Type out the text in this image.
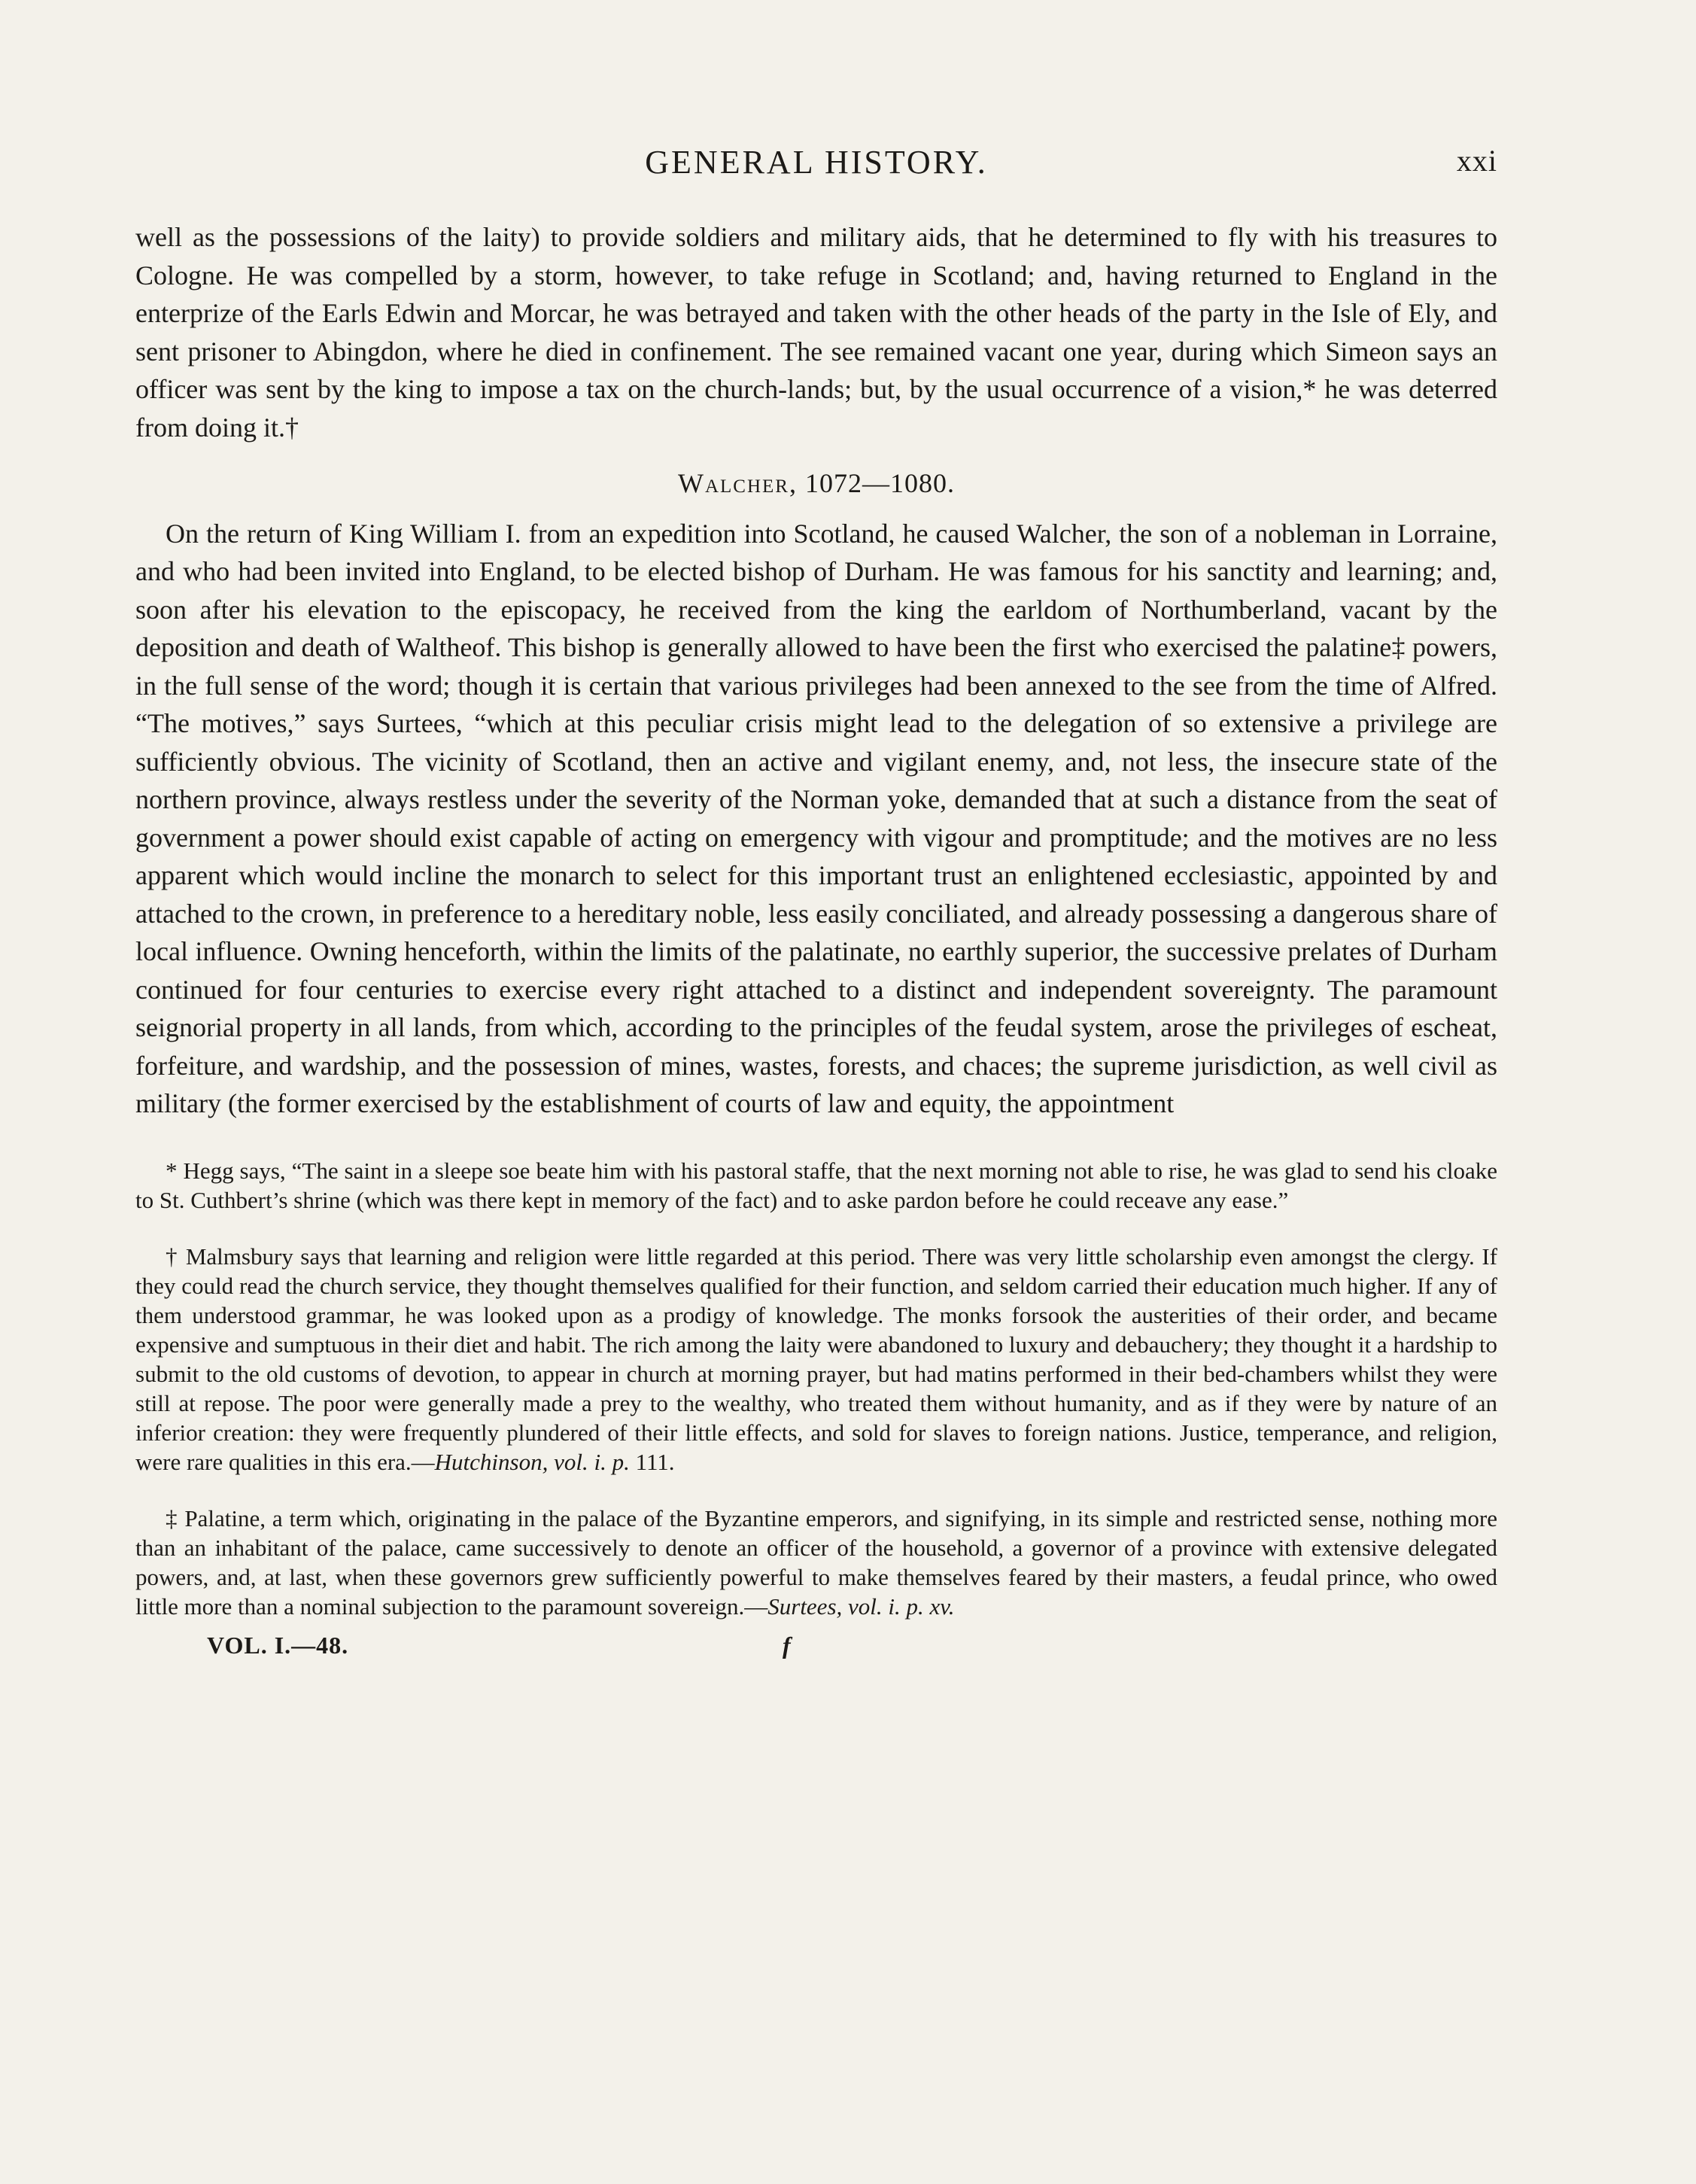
GENERAL HISTORY.	xxi

well as the possessions of the laity) to provide soldiers and military aids, that he determined to fly with his treasures to Cologne. He was compelled by a storm, however, to take refuge in Scotland; and, having returned to England in the enterprize of the Earls Edwin and Morcar, he was betrayed and taken with the other heads of the party in the Isle of Ely, and sent prisoner to Abingdon, where he died in confinement. The see remained vacant one year, during which Simeon says an officer was sent by the king to impose a tax on the church-lands; but, by the usual occurrence of a vision,* he was deterred from doing it.†

Walcher, 1072—1080.

On the return of King William I. from an expedition into Scotland, he caused Walcher, the son of a nobleman in Lorraine, and who had been invited into England, to be elected bishop of Durham. He was famous for his sanctity and learning; and, soon after his elevation to the episcopacy, he received from the king the earldom of Northumberland, vacant by the deposition and death of Waltheof. This bishop is generally allowed to have been the first who exercised the palatine‡ powers, in the full sense of the word; though it is certain that various privileges had been annexed to the see from the time of Alfred. “The motives,” says Surtees, “which at this peculiar crisis might lead to the delegation of so extensive a privilege are sufficiently obvious. The vicinity of Scotland, then an active and vigilant enemy, and, not less, the insecure state of the northern province, always restless under the severity of the Norman yoke, demanded that at such a distance from the seat of government a power should exist capable of acting on emergency with vigour and promptitude; and the motives are no less apparent which would incline the monarch to select for this important trust an enlightened ecclesiastic, appointed by and attached to the crown, in preference to a hereditary noble, less easily conciliated, and already possessing a dangerous share of local influence. Owning henceforth, within the limits of the palatinate, no earthly superior, the successive prelates of Durham continued for four centuries to exercise every right attached to a distinct and independent sovereignty. The paramount seignorial property in all lands, from which, according to the principles of the feudal system, arose the privileges of escheat, forfeiture, and wardship, and the possession of mines, wastes, forests, and chaces; the supreme jurisdiction, as well civil as military (the former exercised by the establishment of courts of law and equity, the appointment

* Hegg says, “The saint in a sleepe soe beate him with his pastoral staffe, that the next morning not able to rise, he was glad to send his cloake to St. Cuthbert’s shrine (which was there kept in memory of the fact) and to aske pardon before he could receave any ease.”

† Malmsbury says that learning and religion were little regarded at this period. There was very little scholarship even amongst the clergy. If they could read the church service, they thought themselves qualified for their function, and seldom carried their education much higher. If any of them understood grammar, he was looked upon as a prodigy of knowledge. The monks forsook the austerities of their order, and became expensive and sumptuous in their diet and habit. The rich among the laity were abandoned to luxury and debauchery; they thought it a hardship to submit to the old customs of devotion, to appear in church at morning prayer, but had matins performed in their bed-chambers whilst they were still at repose. The poor were generally made a prey to the wealthy, who treated them without humanity, and as if they were by nature of an inferior creation: they were frequently plundered of their little effects, and sold for slaves to foreign nations. Justice, temperance, and religion, were rare qualities in this era.—Hutchinson, vol. i. p. 111.

‡ Palatine, a term which, originating in the palace of the Byzantine emperors, and signifying, in its simple and restricted sense, nothing more than an inhabitant of the palace, came successively to denote an officer of the household, a governor of a province with extensive delegated powers, and, at last, when these governors grew sufficiently powerful to make themselves feared by their masters, a feudal prince, who owed little more than a nominal subjection to the paramount sovereign.—Surtees, vol. i. p. xv.

VOL. I.—48.	f
